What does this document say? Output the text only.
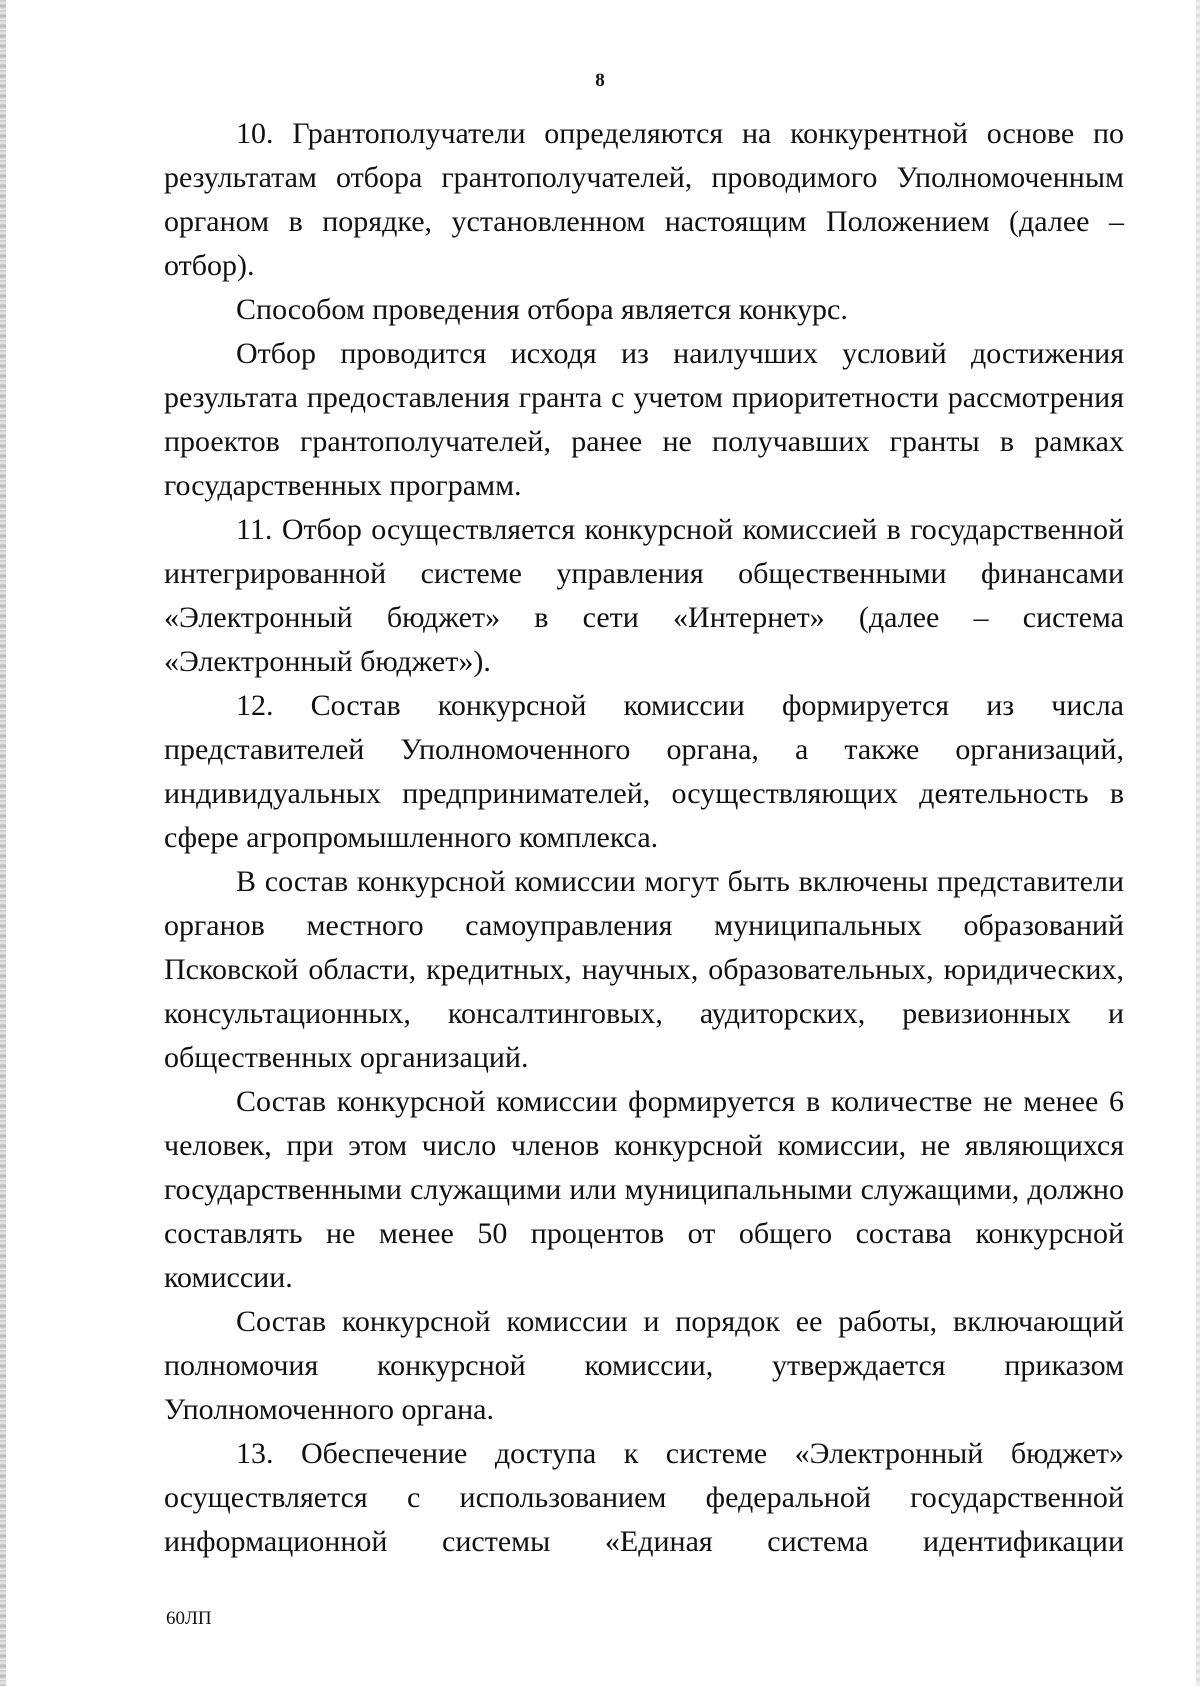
8

10. Грантополучатели определяются на конкурентной основе по результатам отбора грантополучателей, проводимого Уполномоченным органом в порядке, установленном настоящим Положением (далее – отбор).

Способом проведения отбора является конкурс.

Отбор проводится исходя из наилучших условий достижения результата предоставления гранта с учетом приоритетности рассмотрения проектов грантополучателей, ранее не получавших гранты в рамках государственных программ.

11. Отбор осуществляется конкурсной комиссией в государственной интегрированной системе управления общественными финансами «Электронный бюджет» в сети «Интернет» (далее – система «Электронный бюджет»).

12. Состав конкурсной комиссии формируется из числа представителей Уполномоченного органа, а также организаций, индивидуальных предпринимателей, осуществляющих деятельность в сфере агропромышленного комплекса.

В состав конкурсной комиссии могут быть включены представители органов местного самоуправления муниципальных образований Псковской области, кредитных, научных, образовательных, юридических, консультационных, консалтинговых, аудиторских, ревизионных и общественных организаций.

Состав конкурсной комиссии формируется в количестве не менее 6 человек, при этом число членов конкурсной комиссии, не являющихся государственными служащими или муниципальными служащими, должно составлять не менее 50 процентов от общего состава конкурсной комиссии.

Состав конкурсной комиссии и порядок ее работы, включающий полномочия конкурсной комиссии, утверждается приказом Уполномоченного органа.

13. Обеспечение доступа к системе «Электронный бюджет» осуществляется с использованием федеральной государственной информационной системы «Единая система идентификации

60ЛП
